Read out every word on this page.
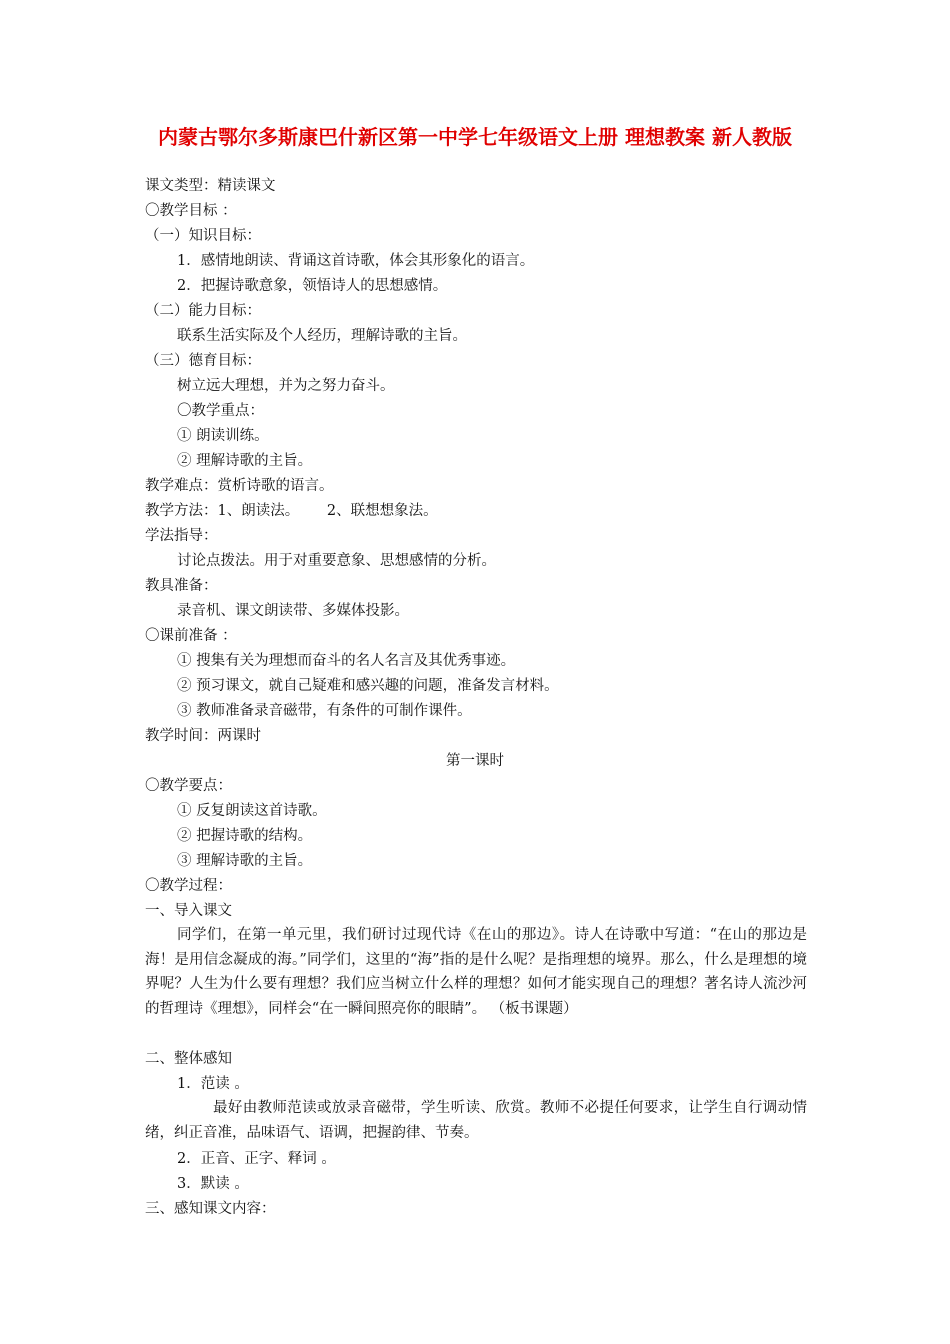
内蒙古鄂尔多斯康巴什新区第一中学七年级语文上册 理想教案 新人教版
课文类型：精读课文
〇教学目标 ：
（一）知识目标：
1．感情地朗读、背诵这首诗歌，体会其形象化的语言。
2．把握诗歌意象，领悟诗人的思想感情。
（二）能力目标：
联系生活实际及个人经历，理解诗歌的主旨。
（三）德育目标：
树立远大理想，并为之努力奋斗。
〇教学重点：
① 朗读训练。
② 理解诗歌的主旨。
教学难点：赏析诗歌的语言。
教学方法：1、朗读法。      2、联想想象法。
学法指导：
讨论点拨法。用于对重要意象、思想感情的分析。
教具准备：
录音机、课文朗读带、多媒体投影。
〇课前准备 ：
① 搜集有关为理想而奋斗的名人名言及其优秀事迹。
② 预习课文，就自己疑难和感兴趣的问题，准备发言材料。
③ 教师准备录音磁带，有条件的可制作课件。
教学时间：两课时
第一课时
〇教学要点：
① 反复朗读这首诗歌。
② 把握诗歌的结构。
③ 理解诗歌的主旨。
〇教学过程：
一、导入课文
同学们，在第一单元里，我们研讨过现代诗《在山的那边》。诗人在诗歌中写道：“在山的那边是海！是用信念凝成的海。”同学们，这里的“海”指的是什么呢？是指理想的境界。那么，什么是理想的境界呢？人生为什么要有理想？我们应当树立什么样的理想？如何才能实现自己的理想？著名诗人流沙河的哲理诗《理想》，同样会“在一瞬间照亮你的眼睛”。 （板书课题）
二、整体感知
1．范读 。
最好由教师范读或放录音磁带，学生听读、欣赏。教师不必提任何要求，让学生自行调动情绪，纠正音准，品味语气、语调，把握韵律、节奏。
2．正音、正字、释词 。
3．默读 。
三、感知课文内容：
